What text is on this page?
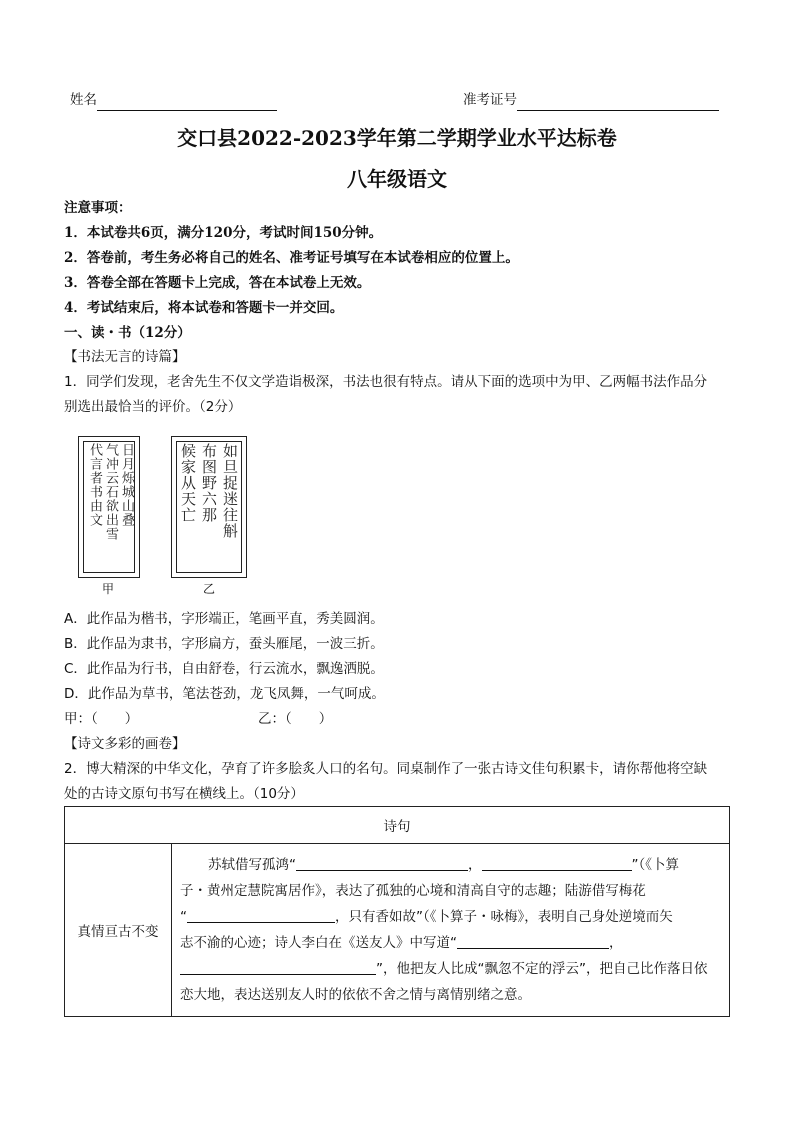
姓名	准考证号
交口县2022-2023学年第二学期学业水平达标卷
八年级语文
注意事项：
1．本试卷共6页，满分120分，考试时间150分钟。
2．答卷前，考生务必将自己的姓名、准考证号填写在本试卷相应的位置上。
3．答卷全部在答题卡上完成，答在本试卷上无效。
4．考试结束后，将本试卷和答题卡一并交回。
一、读・书（12分）
【书法无言的诗篇】
1．同学们发现，老舍先生不仅文学造诣极深，书法也很有特点。请从下面的选项中为甲、乙两幅书法作品分
别选出最恰当的评价。（2分）
日月烁城山叠
气冲云石欲出雪
代言者书由文
甲
如旦捉迷往斛
布图野六那
候家从天亡
乙
A．此作品为楷书，字形端正，笔画平直，秀美圆润。
B．此作品为隶书，字形扁方，蚕头雁尾，一波三折。
C．此作品为行书，自由舒卷，行云流水，飘逸洒脱。
D．此作品为草书，笔法苍劲，龙飞凤舞，一气呵成。
甲：（　　）	乙：（　　）
【诗文多彩的画卷】
2．博大精深的中华文化，孕育了许多脍炙人口的名句。同桌制作了一张古诗文佳句积累卡，请你帮他将空缺
处的古诗文原句书写在横线上。（10分）
诗句
真情亘古不变	苏轼借写孤鸿“	，	”（《卜算
子・黄州定慧院寓居作》，表达了孤独的心境和清高自守的志趣；陆游借写梅花
“	，只有香如故”（《卜算子・咏梅》，表明自己身处逆境而矢
志不渝的心迹；诗人李白在《送友人》中写道“	，
”，他把友人比成“飘忽不定的浮云”，把自己比作落日依
恋大地，表达送别友人时的依依不舍之情与离情别绪之意。
